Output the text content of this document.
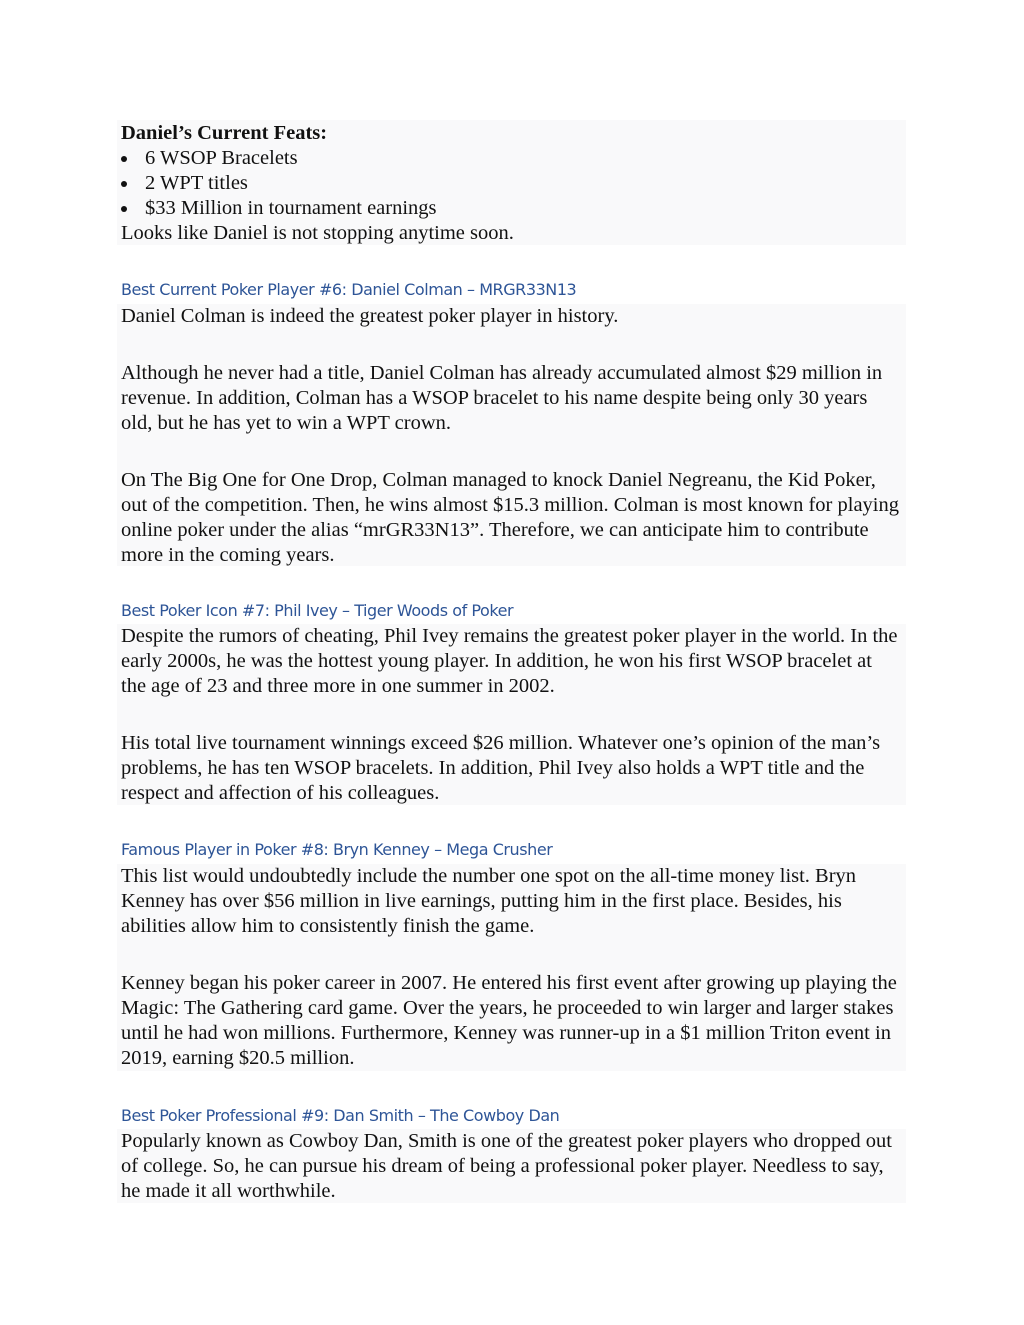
Daniel’s Current Feats:

6 WSOP Bracelets
2 WPT titles
$33 Million in tournament earnings

Looks like Daniel is not stopping anytime soon.

Best Current Poker Player #6: Daniel Colman – MRGR33N13

Daniel Colman is indeed the greatest poker player in history.

Although he never had a title, Daniel Colman has already accumulated almost $29 million in revenue. In addition, Colman has a WSOP bracelet to his name despite being only 30 years old, but he has yet to win a WPT crown.

On The Big One for One Drop, Colman managed to knock Daniel Negreanu, the Kid Poker, out of the competition. Then, he wins almost $15.3 million. Colman is most known for playing online poker under the alias “mrGR33N13”. Therefore, we can anticipate him to contribute more in the coming years.

Best Poker Icon #7: Phil Ivey – Tiger Woods of Poker

Despite the rumors of cheating, Phil Ivey remains the greatest poker player in the world. In the early 2000s, he was the hottest young player. In addition, he won his first WSOP bracelet at the age of 23 and three more in one summer in 2002.

His total live tournament winnings exceed $26 million. Whatever one’s opinion of the man’s problems, he has ten WSOP bracelets. In addition, Phil Ivey also holds a WPT title and the respect and affection of his colleagues.

Famous Player in Poker #8: Bryn Kenney – Mega Crusher

This list would undoubtedly include the number one spot on the all-time money list. Bryn Kenney has over $56 million in live earnings, putting him in the first place. Besides, his abilities allow him to consistently finish the game.

Kenney began his poker career in 2007. He entered his first event after growing up playing the Magic: The Gathering card game. Over the years, he proceeded to win larger and larger stakes until he had won millions. Furthermore, Kenney was runner-up in a $1 million Triton event in 2019, earning $20.5 million.

Best Poker Professional #9: Dan Smith – The Cowboy Dan

Popularly known as Cowboy Dan, Smith is one of the greatest poker players who dropped out of college. So, he can pursue his dream of being a professional poker player. Needless to say, he made it all worthwhile.
